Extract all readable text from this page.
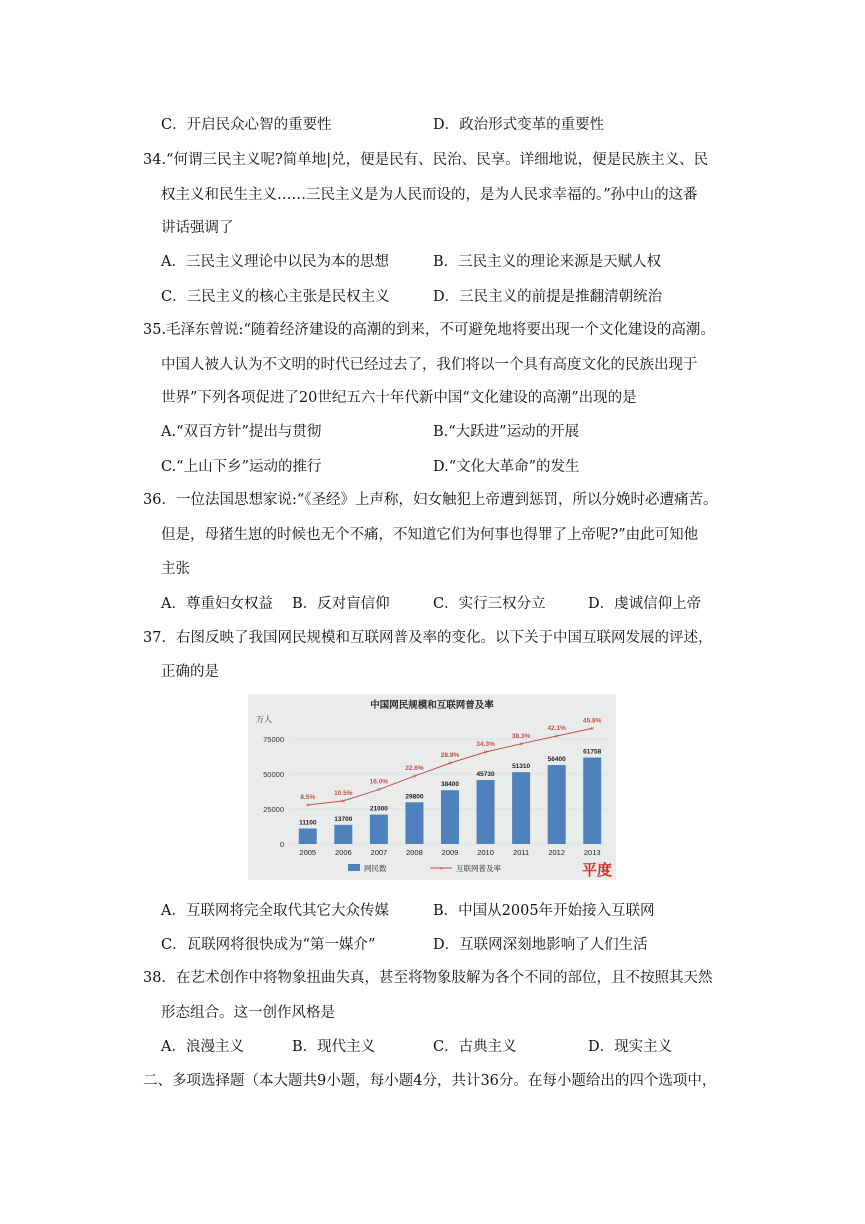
C．开启民众心智的重要性	D．政治形式变革的重要性
34.“何谓三民主义呢?简单地|兑，便是民有、民治、民享。详细地说，便是民族主义、民
权主义和民生主义……三民主义是为人民而设的，是为人民求幸福的。”孙中山的这番
讲话强调了
A．三民主义理论中以民为本的思想	B．三民主义的理论来源是天赋人权
C．三民主义的核心主张是民权主义	D．三民主义的前提是推翻清朝统治
35.毛泽东曾说:“随着经济建设的高潮的到来，不可避免地将要出现一个文化建设的高潮。
中国人被人认为不文明的时代已经过去了，我们将以一个具有高度文化的民族出现于
世界”下列各项促进了20世纪五六十年代新中国“文化建设的高潮”出现的是
A.“双百方针”提出与贯彻	B.“大跃进”运动的开展
C.“上山下乡”运动的推行	D.“文化大革命”的发生
36．一位法国思想家说:“《圣经》上声称，妇女触犯上帝遭到惩罚，所以分娩时必遭痛苦。
但是，母猪生崽的时候也无个不痛，不知道它们为何事也得罪了上帝呢?”由此可知他
主张
A．尊重妇女权益 B．反对盲信仰	C．实行三权分立	D．虔诚信仰上帝
37．右图反映了我国网民规模和互联网普及率的变化。以下关于中国互联网发展的评述，
正确的是
中国网民规模和互联网普及率
万人
75000
50000
25000
0
11100
2005
8.5%
13700
2006
10.5%
21000
2007
16.0%
29800
2008
22.6%
38400
2009
28.9%
45730
2010
34.3%
51310
2011
38.3%
56400
2012
42.1%
61758
2013
45.8%
×
×
×
×
×
×
×
×
×
网民数	× 互联网普及率	平度
A．互联网将完全取代其它大众传媒	B．中国从2005年开始接入互联网
C．瓦联网将很快成为“第一媒介”	D．互联网深刻地影响了人们生活
38．在艺术创作中将物象扭曲失真，甚至将物象肢解为各个不同的部位，且不按照其天然
形态组合。这一创作风格是
A．浪漫主义	B．现代主义	C．古典主义	D．现实主义
二、多项选择题（本大题共9小题，每小题4分，共计36分。在每小题给出的四个选项中，
